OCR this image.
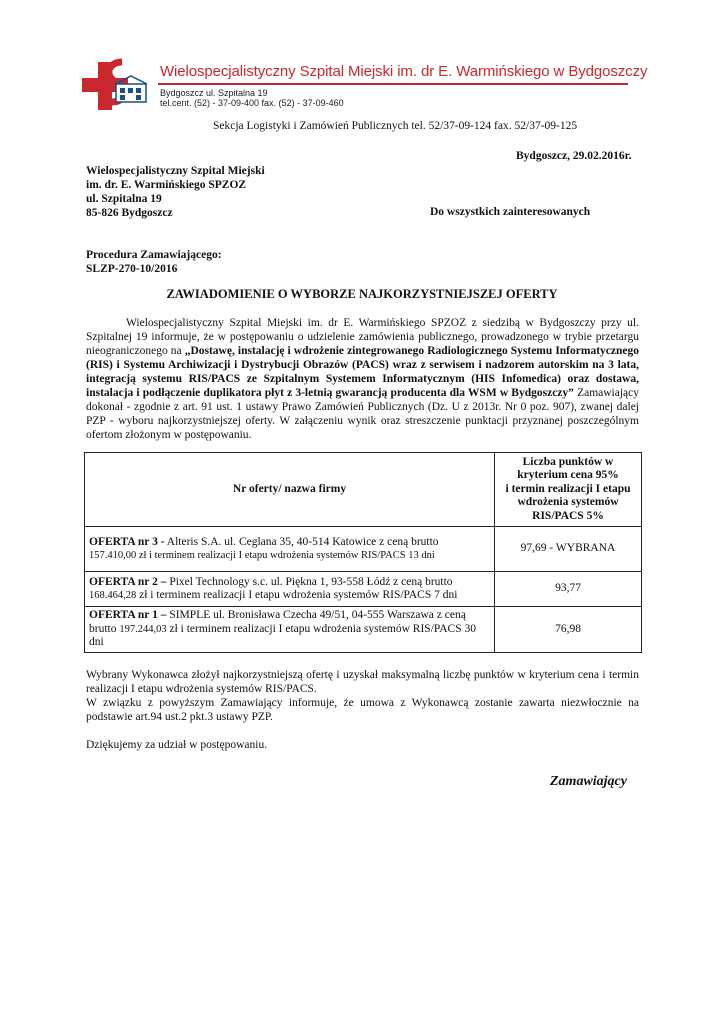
Wielospecjalistyczny Szpital Miejski im. dr E. Warmińskiego w Bydgoszczy
Bydgoszcz ul. Szpitalna 19
tel.cent. (52) - 37-09-400 fax. (52) - 37-09-460
Sekcja Logistyki i Zamówień Publicznych tel. 52/37-09-124 fax. 52/37-09-125
Bydgoszcz, 29.02.2016r.
Wielospecjalistyczny Szpital Miejski
im. dr. E. Warmińskiego SPZOZ
ul. Szpitalna 19
85-826 Bydgoszcz	Do wszystkich zainteresowanych
Procedura Zamawiającego:
SLZP-270-10/2016
ZAWIADOMIENIE O WYBORZE NAJKORZYSTNIEJSZEJ OFERTY
Wielospecjalistyczny Szpital Miejski im. dr E. Warmińskiego SPZOZ z siedzibą w Bydgoszczy przy ul. Szpitalnej 19 informuje, że w postępowaniu o udzielenie zamówienia publicznego, prowadzonego w trybie przetargu nieograniczonego na „Dostawę, instalację i wdrożenie zintegrowanego Radiologicznego Systemu Informatycznego (RIS) i Systemu Archiwizacji i Dystrybucji Obrazów (PACS) wraz z serwisem i nadzorem autorskim na 3 lata, integracją systemu RIS/PACS ze Szpitalnym Systemem Informatycznym (HIS Infomedica) oraz dostawa, instalacja i podłączenie duplikatora płyt z 3-letnią gwarancją producenta dla WSM w Bydgoszczy” Zamawiający dokonał - zgodnie z art. 91 ust. 1 ustawy Prawo Zamówień Publicznych (Dz. U z 2013r. Nr 0 poz. 907), zwanej dalej PZP - wyboru najkorzystniejszej oferty. W załączeniu wynik oraz streszczenie punktacji przyznanej poszczególnym ofertom złożonym w postępowaniu.
Nr oferty/ nazwa firmy	Liczba punktów w
kryterium cena 95%
i termin realizacji I etapu
wdrożenia systemów
RIS/PACS 5%

OFERTA nr 3 - Alteris S.A. ul. Ceglana 35, 40-514 Katowice z ceną brutto
157.410,00 zł i terminem realizacji I etapu wdrożenia systemów RIS/PACS 13 dni	97,69 - WYBRANA
OFERTA nr 2 – Pixel Technology s.c. ul. Piękna 1, 93-558 Łódź z ceną brutto
168.464,28 zł i terminem realizacji I etapu wdrożenia systemów RIS/PACS 7 dni	93,77
OFERTA nr 1 – SIMPLE ul. Bronisława Czecha 49/51, 04-555 Warszawa z ceną brutto 197.244,03 zł i terminem realizacji I etapu wdrożenia systemów RIS/PACS 30 dni	76,98
Wybrany Wykonawca złożył najkorzystniejszą ofertę i uzyskał maksymalną liczbę punktów w kryterium cena i termin realizacji I etapu wdrożenia systemów RIS/PACS.
W związku z powyższym Zamawiający informuje, że umowa z Wykonawcą zostanie zawarta niezwłocznie na podstawie art.94 ust.2 pkt.3 ustawy PZP.
Dziękujemy za udział w postępowaniu.
Zamawiający
